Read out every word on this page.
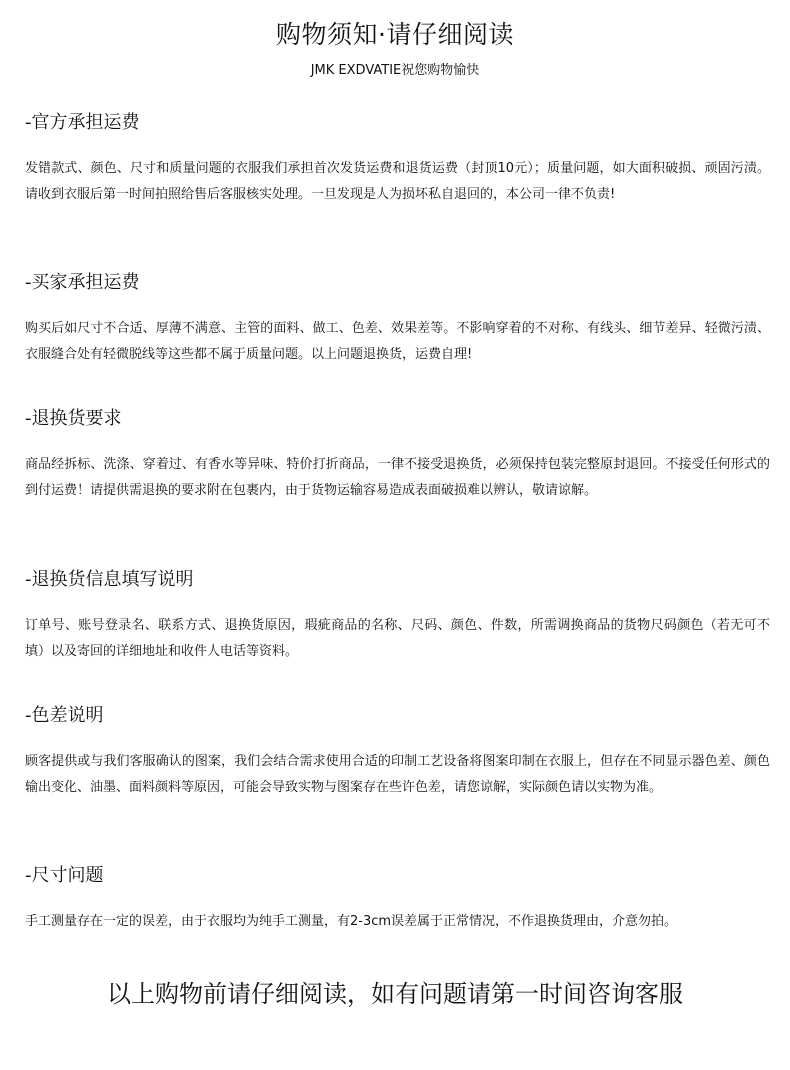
购物须知·请仔细阅读
JMK EXDVATIE祝您购物愉快

-官方承担运费

发错款式、颜色、尺寸和质量问题的衣服我们承担首次发货运费和退货运费（封顶10元）；质量问题，如大面积破损、顽固污渍。请收到衣服后第一时间拍照给售后客服核实处理。一旦发现是人为损坏私自退回的，本公司一律不负责!

-买家承担运费

购买后如尺寸不合适、厚薄不满意、主管的面料、做工、色差、效果差等。不影响穿着的不对称、有线头、细节差异、轻微污渍、衣服缝合处有轻微脱线等这些都不属于质量问题。以上问题退换货，运费自理!

-退换货要求

商品经拆标、洗涤、穿着过、有香水等异味、特价打折商品，一律不接受退换货，必须保持包装完整原封退回。不接受任何形式的到付运费！请提供需退换的要求附在包裹内，由于货物运输容易造成表面破损难以辨认，敬请谅解。

-退换货信息填写说明

订单号、账号登录名、联系方式、退换货原因，瑕疵商品的名称、尺码、颜色、件数，所需调换商品的货物尺码颜色（若无可不填）以及寄回的详细地址和收件人电话等资料。

-色差说明

顾客提供或与我们客服确认的图案，我们会结合需求使用合适的印制工艺设备将图案印制在衣服上，但存在不同显示器色差、颜色输出变化、油墨、面料颜料等原因，可能会导致实物与图案存在些许色差，请您谅解，实际颜色请以实物为准。

-尺寸问题

手工测量存在一定的误差，由于衣服均为纯手工测量，有2-3cm误差属于正常情况，不作退换货理由，介意勿拍。

以上购物前请仔细阅读，如有问题请第一时间咨询客服
